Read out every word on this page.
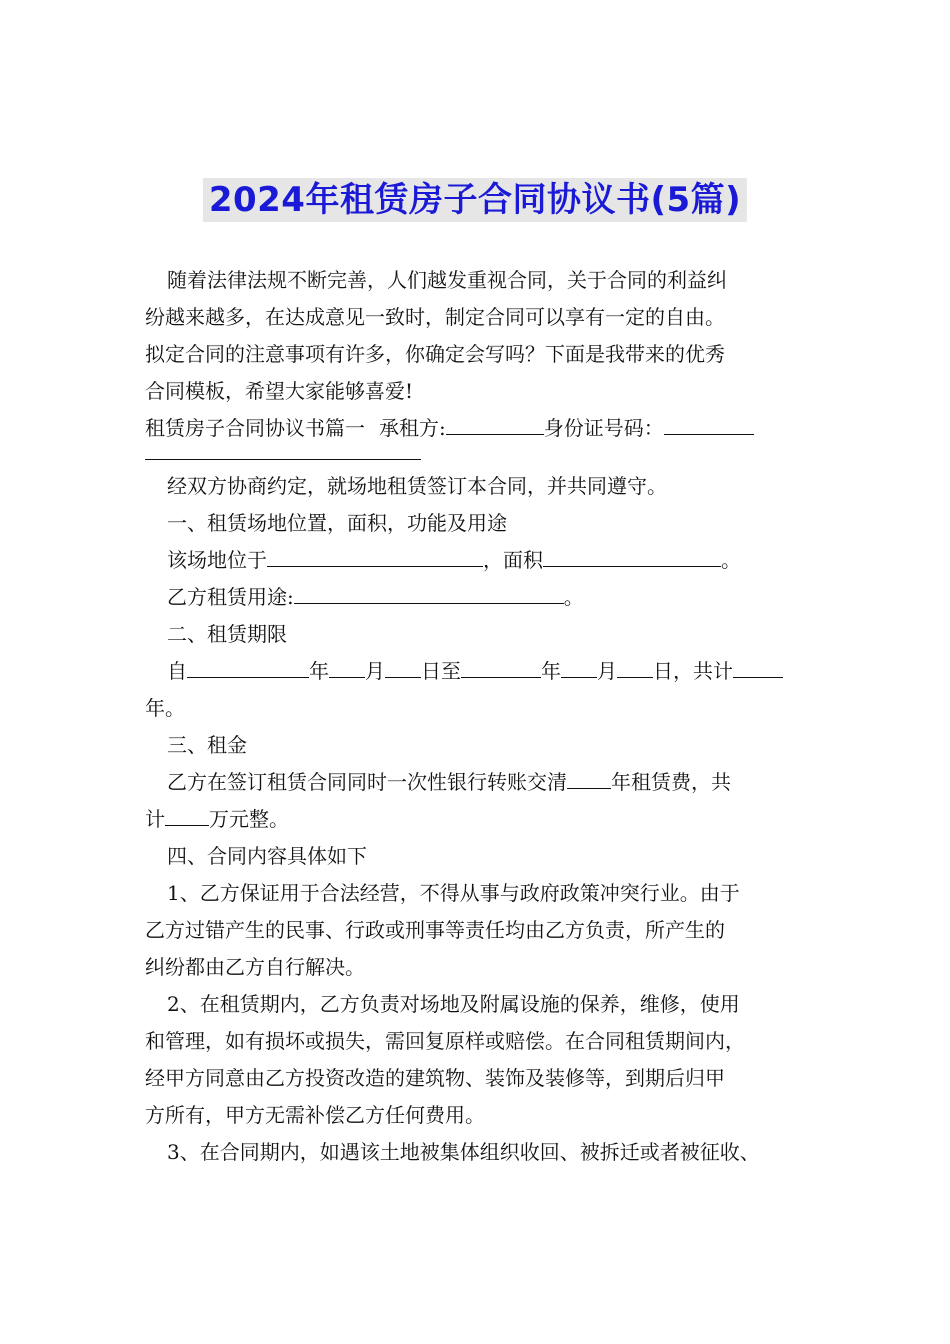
2024年租赁房子合同协议书(5篇)

随着法律法规不断完善，人们越发重视合同，关于合同的利益纠

纷越来越多，在达成意见一致时，制定合同可以享有一定的自由。

拟定合同的注意事项有许多，你确定会写吗？下面是我带来的优秀

合同模板，希望大家能够喜爱!

租赁房子合同协议书篇一 承租方:	身份证号码：

经双方协商约定，就场地租赁签订本合同，并共同遵守。

一、租赁场地位置，面积，功能及用途

该场地位于	，面积	。

乙方租赁用途:	。

二、租赁期限

自	年 月 日至	年 月 日，共计

年。

三、租金

乙方在签订租赁合同同时一次性银行转账交清 年租赁费，共

计 万元整。

四、合同内容具体如下

1、乙方保证用于合法经营，不得从事与政府政策冲突行业。由于

乙方过错产生的民事、行政或刑事等责任均由乙方负责，所产生的

纠纷都由乙方自行解决。

2、在租赁期内，乙方负责对场地及附属设施的保养，维修，使用

和管理，如有损坏或损失，需回复原样或赔偿。在合同租赁期间内，

经甲方同意由乙方投资改造的建筑物、装饰及装修等，到期后归甲

方所有，甲方无需补偿乙方任何费用。

3、在合同期内，如遇该土地被集体组织收回、被拆迁或者被征收、
